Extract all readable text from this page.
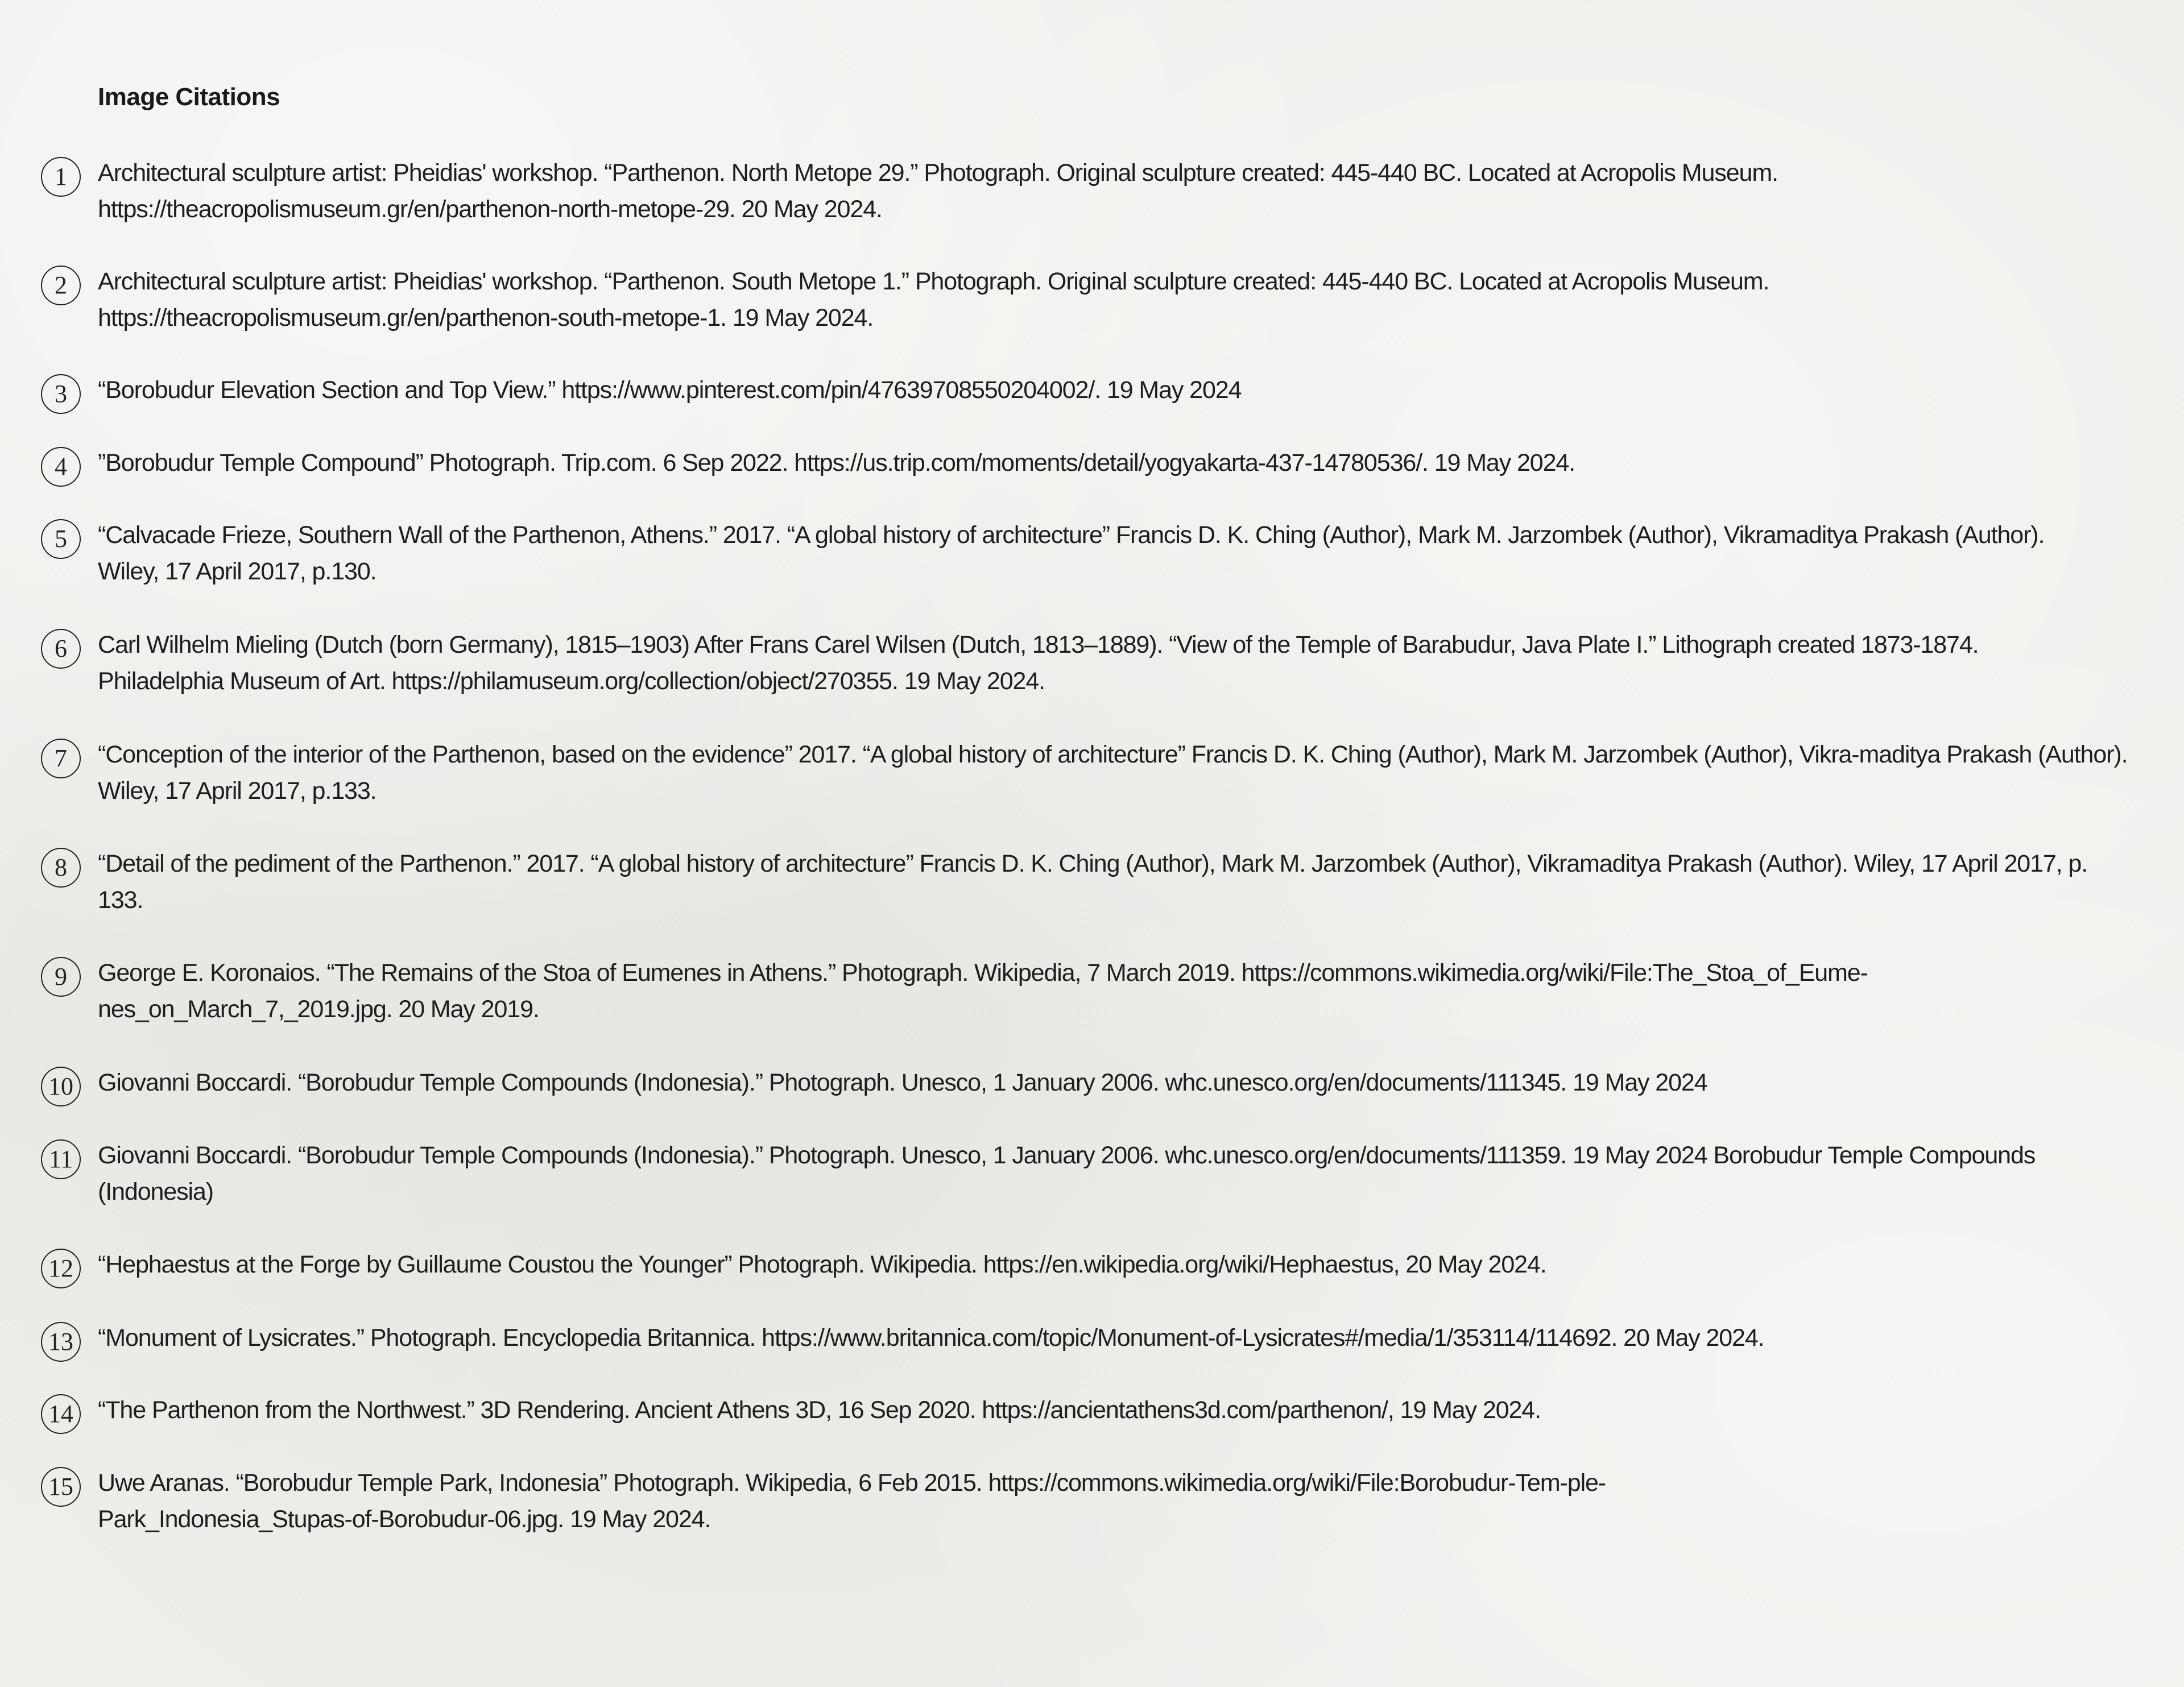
Image Citations
1	Architectural sculpture artist: Pheidias' workshop. “Parthenon. North Metope 29.” Photograph. Original sculpture created: 445-440 BC. Located at Acropolis Museum. https://theacropolismuseum.gr/en/parthenon-north-metope-29. 20 May 2024.

2	Architectural sculpture artist: Pheidias' workshop. “Parthenon. South Metope 1.” Photograph. Original sculpture created: 445-440 BC. Located at Acropolis Museum. https://theacropolismuseum.gr/en/parthenon-south-metope-1. 19 May 2024.

3	“Borobudur Elevation Section and Top View.” https://www.pinterest.com/pin/47639708550204002/. 19 May 2024

4	”Borobudur Temple Compound” Photograph. Trip.com. 6 Sep 2022. https://us.trip.com/moments/detail/yogyakarta-437-14780536/. 19 May 2024.

5	“Calvacade Frieze, Southern Wall of the Parthenon, Athens.” 2017. “A global history of architecture” Francis D. K. Ching (Author), Mark M. Jarzombek (Author), Vikramaditya Prakash (Author). Wiley, 17 April 2017, p.130.

6	Carl Wilhelm Mieling (Dutch (born Germany), 1815–1903) After Frans Carel Wilsen (Dutch, 1813–1889). “View of the Temple of Barabudur, Java Plate I.” Lithograph created 1873-1874. Philadelphia Museum of Art. https://philamuseum.org/collection/object/270355. 19 May 2024.

7	“Conception of the interior of the Parthenon, based on the evidence” 2017. “A global history of architecture” Francis D. K. Ching (Author), Mark M. Jarzombek (Author), Vikra-maditya Prakash (Author). Wiley, 17 April 2017, p.133.

8	“Detail of the pediment of the Parthenon.” 2017. “A global history of architecture” Francis D. K. Ching (Author), Mark M. Jarzombek (Author), Vikramaditya Prakash (Author). Wiley, 17 April 2017, p. 133.

9	George E. Koronaios. “The Remains of the Stoa of Eumenes in Athens.” Photograph. Wikipedia, 7 March 2019. https://commons.wikimedia.org/wiki/File:The_Stoa_of_Eume-nes_on_March_7,_2019.jpg. 20 May 2019.

10	Giovanni Boccardi. “Borobudur Temple Compounds (Indonesia).” Photograph. Unesco, 1 January 2006. whc.unesco.org/en/documents/111345. 19 May 2024

11	Giovanni Boccardi. “Borobudur Temple Compounds (Indonesia).” Photograph. Unesco, 1 January 2006. whc.unesco.org/en/documents/111359. 19 May 2024 Borobudur Temple Compounds (Indonesia)

12	“Hephaestus at the Forge by Guillaume Coustou the Younger” Photograph. Wikipedia. https://en.wikipedia.org/wiki/Hephaestus, 20 May 2024.

13	“Monument of Lysicrates.” Photograph. Encyclopedia Britannica. https://www.britannica.com/topic/Monument-of-Lysicrates#/media/1/353114/114692. 20 May 2024.

14	“The Parthenon from the Northwest.” 3D Rendering. Ancient Athens 3D, 16 Sep 2020. https://ancientathens3d.com/parthenon/, 19 May 2024.

15	Uwe Aranas. “Borobudur Temple Park, Indonesia” Photograph. Wikipedia, 6 Feb 2015. https://commons.wikimedia.org/wiki/File:Borobudur-Tem-ple-Park_Indonesia_Stupas-of-Borobudur-06.jpg. 19 May 2024.
